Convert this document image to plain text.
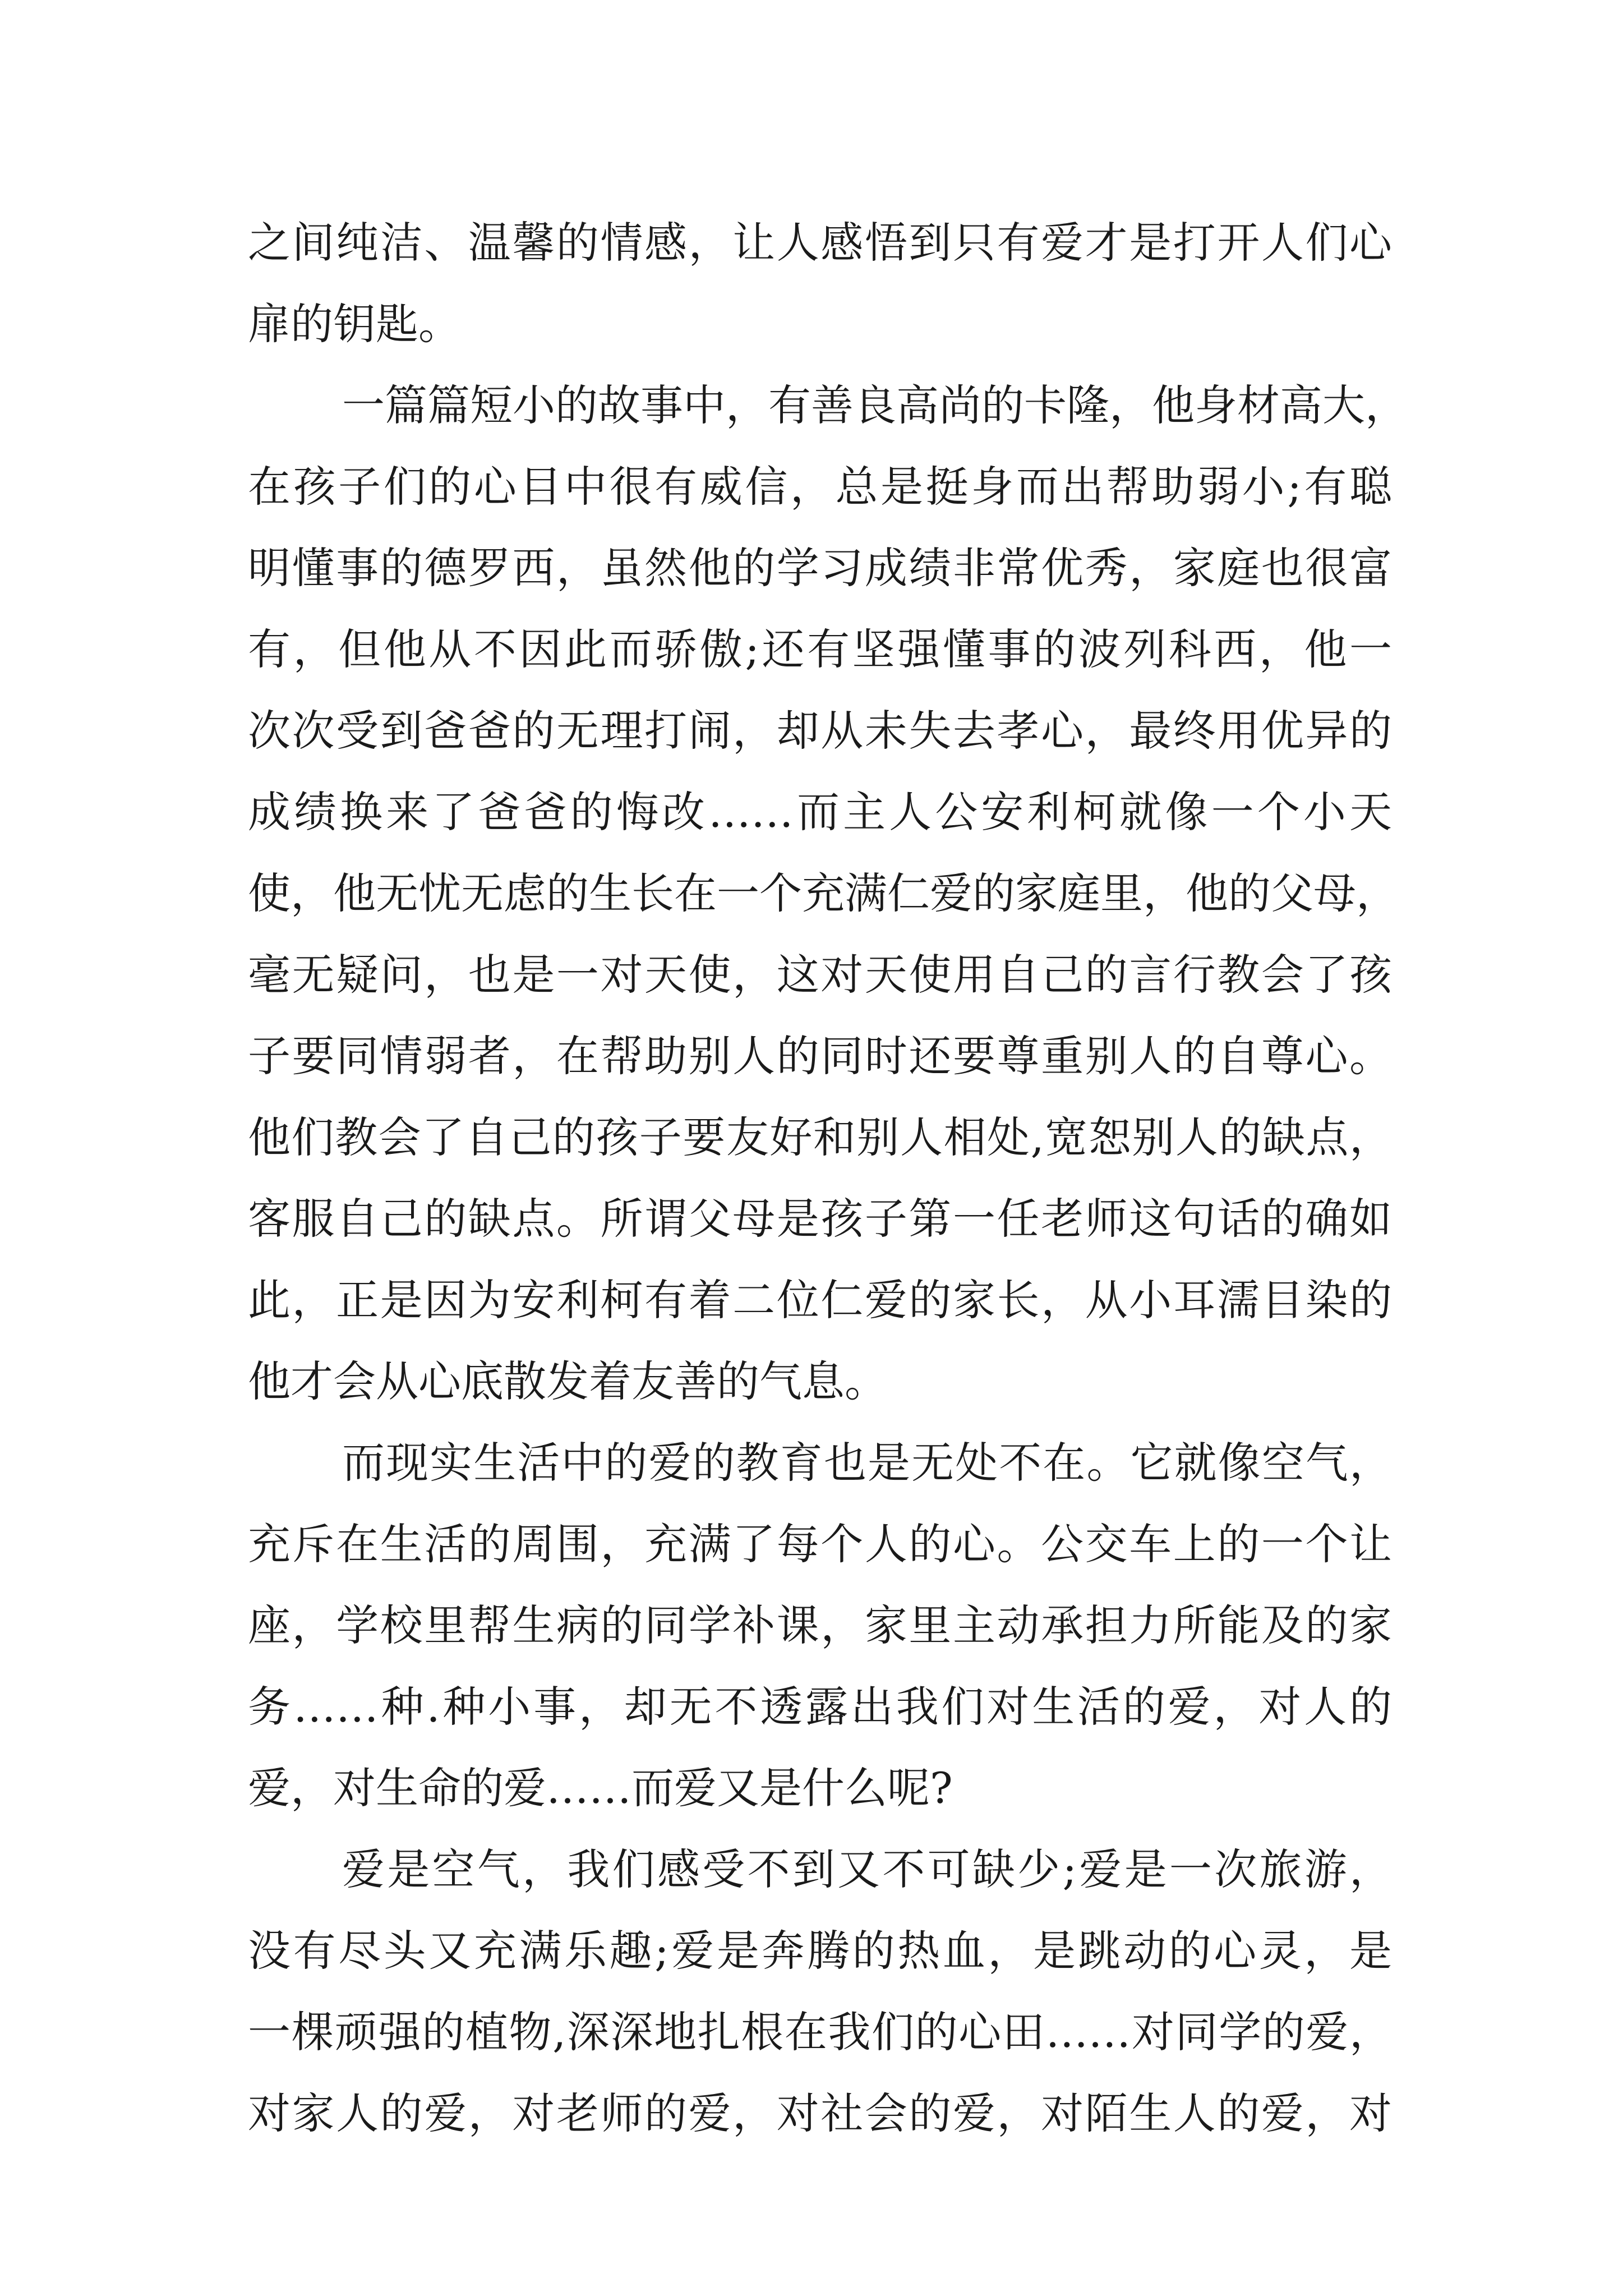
之间纯洁、温馨的情感，让人感悟到只有爱才是打开人们心
扉的钥匙。
一篇篇短小的故事中，有善良高尚的卡隆，他身材高大，
在孩子们的心目中很有威信，总是挺身而出帮助弱小;有聪
明懂事的德罗西，虽然他的学习成绩非常优秀，家庭也很富
有，但他从不因此而骄傲;还有坚强懂事的波列科西，他一
次次受到爸爸的无理打闹，却从未失去孝心，最终用优异的
成绩换来了爸爸的悔改……而主人公安利柯就像一个小天
使，他无忧无虑的生长在一个充满仁爱的家庭里，他的父母，
毫无疑问，也是一对天使，这对天使用自己的言行教会了孩
子要同情弱者，在帮助别人的同时还要尊重别人的自尊心。
他们教会了自己的孩子要友好和别人相处,宽恕别人的缺点，
客服自己的缺点。所谓父母是孩子第一任老师这句话的确如
此，正是因为安利柯有着二位仁爱的家长，从小耳濡目染的
他才会从心底散发着友善的气息。
而现实生活中的爱的教育也是无处不在。它就像空气，
充斥在生活的周围，充满了每个人的心。公交车上的一个让
座，学校里帮生病的同学补课，家里主动承担力所能及的家
务……种.种小事，却无不透露出我们对生活的爱，对人的
爱，对生命的爱……而爱又是什么呢?
爱是空气，我们感受不到又不可缺少;爱是一次旅游，
没有尽头又充满乐趣;爱是奔腾的热血，是跳动的心灵，是
一棵顽强的植物,深深地扎根在我们的心田……对同学的爱，
对家人的爱，对老师的爱，对社会的爱，对陌生人的爱，对
